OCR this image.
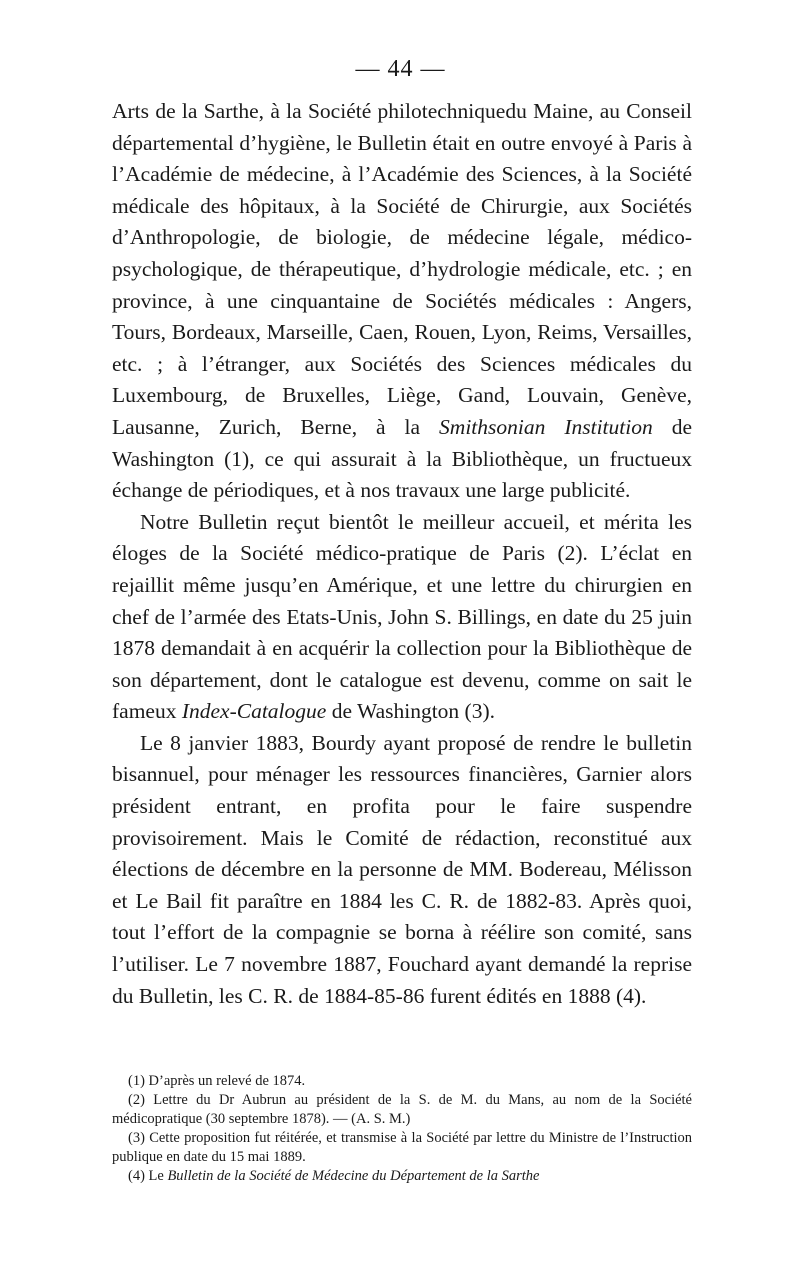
— 44 —

Arts de la Sarthe, à la Société philotechniquedu Maine, au Conseil départemental d’hygiène, le Bulletin était en outre envoyé à Paris à l’Académie de médecine, à l’Académie des Sciences, à la Société médicale des hôpitaux, à la Société de Chirurgie, aux Sociétés d’Anthropologie, de biologie, de médecine légale, médico-psychologique, de thérapeutique, d’hydrologie médicale, etc. ; en province, à une cinquantaine de Sociétés médicales : Angers, Tours, Bordeaux, Marseille, Caen, Rouen, Lyon, Reims, Versailles, etc. ; à l’étranger, aux Sociétés des Sciences médicales du Luxembourg, de Bruxelles, Liège, Gand, Louvain, Genève, Lausanne, Zurich, Berne, à la Smithsonian Institution de Washington (1), ce qui assurait à la Bibliothèque, un fructueux échange de périodiques, et à nos travaux une large publicité.

Notre Bulletin reçut bientôt le meilleur accueil, et mérita les éloges de la Société médico-pratique de Paris (2). L’éclat en rejaillit même jusqu’en Amérique, et une lettre du chirurgien en chef de l’armée des Etats-Unis, John S. Billings, en date du 25 juin 1878 demandait à en acquérir la collection pour la Bibliothèque de son département, dont le catalogue est devenu, comme on sait le fameux Index-Catalogue de Washington (3).

Le 8 janvier 1883, Bourdy ayant proposé de rendre le bulletin bisannuel, pour ménager les ressources financières, Garnier alors président entrant, en profita pour le faire suspendre provisoirement. Mais le Comité de rédaction, reconstitué aux élections de décembre en la personne de MM. Bodereau, Mélisson et Le Bail fit paraître en 1884 les C. R. de 1882-83. Après quoi, tout l’effort de la compagnie se borna à réélire son comité, sans l’utiliser. Le 7 novembre 1887, Fouchard ayant demandé la reprise du Bulletin, les C. R. de 1884-85-86 furent édités en 1888 (4).

(1) D’après un relevé de 1874.

(2) Lettre du Dr Aubrun au président de la S. de M. du Mans, au nom de la Société médicopratique (30 septembre 1878). — (A. S. M.)

(3) Cette proposition fut réitérée, et transmise à la Société par lettre du Ministre de l’Instruction publique en date du 15 mai 1889.

(4) Le Bulletin de la Société de Médecine du Département de la Sarthe
